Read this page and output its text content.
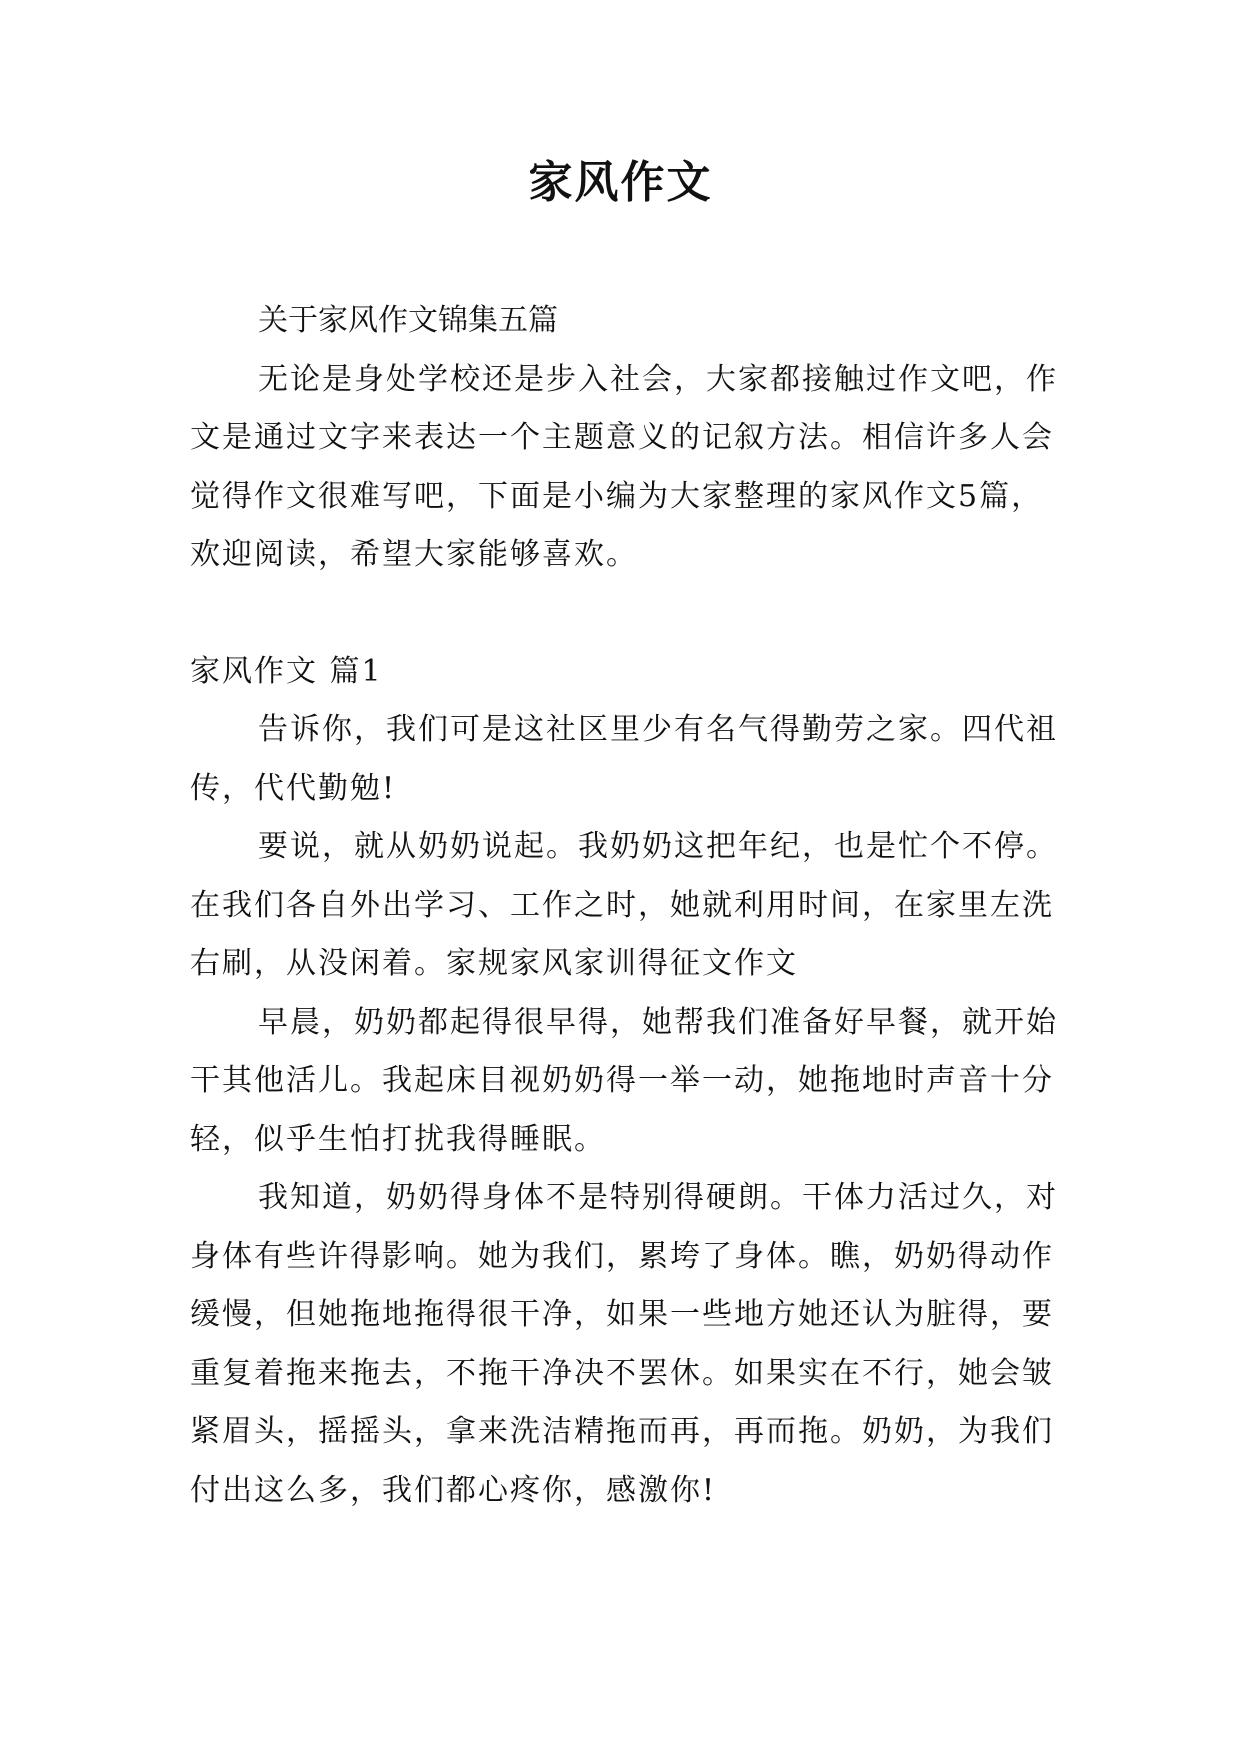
家风作文

关于家风作文锦集五篇

无论是身处学校还是步入社会，大家都接触过作文吧，作文是通过文字来表达一个主题意义的记叙方法。相信许多人会觉得作文很难写吧，下面是小编为大家整理的家风作文5篇，欢迎阅读，希望大家能够喜欢。

家风作文 篇1

告诉你，我们可是这社区里少有名气得勤劳之家。四代祖传，代代勤勉!

要说，就从奶奶说起。我奶奶这把年纪，也是忙个不停。在我们各自外出学习、工作之时，她就利用时间，在家里左洗右刷，从没闲着。家规家风家训得征文作文

早晨，奶奶都起得很早得，她帮我们准备好早餐，就开始干其他活儿。我起床目视奶奶得一举一动，她拖地时声音十分轻，似乎生怕打扰我得睡眠。

我知道，奶奶得身体不是特别得硬朗。干体力活过久，对身体有些许得影响。她为我们，累垮了身体。瞧，奶奶得动作缓慢，但她拖地拖得很干净，如果一些地方她还认为脏得，要重复着拖来拖去，不拖干净决不罢休。如果实在不行，她会皱紧眉头，摇摇头，拿来洗洁精拖而再，再而拖。奶奶，为我们付出这么多，我们都心疼你，感激你!
